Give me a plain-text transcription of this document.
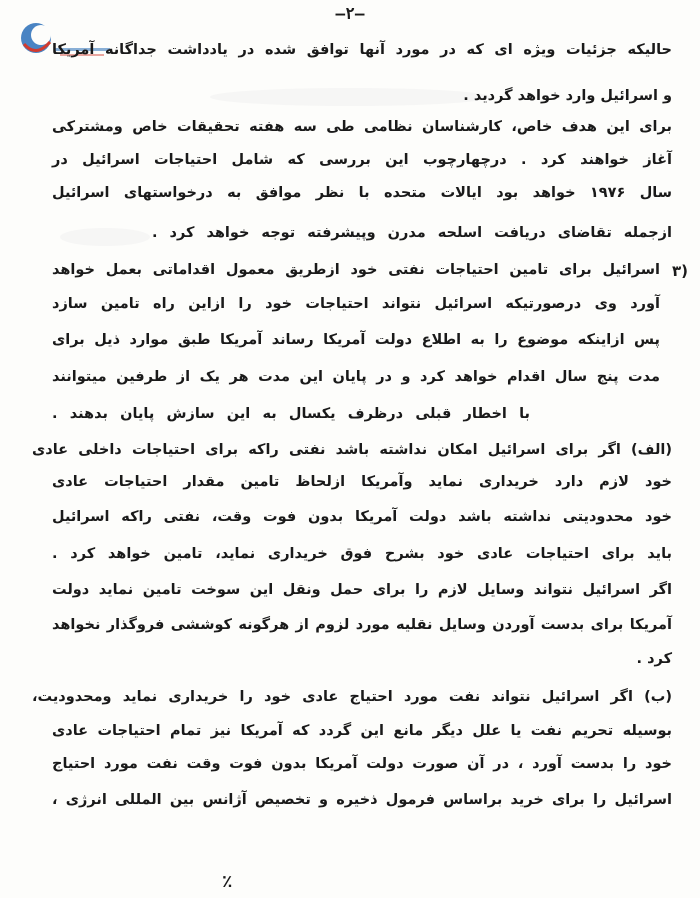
–۲–
حالیکه جزئیات ویژه ای که در مورد آنها توافق شده در یادداشت جداگانه آمریکا
و اسرائیل وارد خواهد گردید .
برای این هدف خاص، کارشناسان نظامی طی سه هفته تحقیقات خاص ومشترکی
آغاز خواهند کرد . درچهارچوب این بررسی که شامل احتیاجات اسرائیل در
سال ۱۹۷۶ خواهد بود ایالات متحده با نظر موافق به درخواستهای اسرائیل
ازجمله تقاضای دریافت اسلحه مدرن وپیشرفته توجه خواهد کرد .
۳)
اسرائیل برای تامین احتیاجات نفتی خود ازطریق معمول اقداماتی بعمل خواهد
آورد وی درصورتیکه اسرائیل نتواند احتیاجات خود را ازاین راه تامین سازد
پس ازاینکه موضوع را به اطلاع دولت آمریکا رساند آمریکا طبق موارد ذیل برای
مدت پنج سال اقدام خواهد کرد و در پایان این مدت هر یک از طرفین میتوانند
با اخطار قبلی درظرف یکسال به این سازش پایان بدهند .
(الف) اگر برای اسرائیل امکان نداشته باشد نفتی راکه برای احتیاجات داخلی عادی
خود لازم دارد خریداری نماید وآمریکا ازلحاظ تامین مقدار احتیاجات عادی
خود محدودیتی نداشته باشد دولت آمریکا بدون فوت وقت، نفتی راکه اسرائیل
باید برای احتیاجات عادی خود بشرح فوق خریداری نماید، تامین خواهد کرد .
اگر اسرائیل نتواند وسایل لازم را برای حمل ونقل این سوخت تامین نماید دولت
آمریکا برای بدست آوردن وسایل نقلیه مورد لزوم از هرگونه کوششی فروگذار نخواهد
کرد .
(ب) اگر اسرائیل نتواند نفت مورد احتیاج عادی خود را خریداری نماید ومحدودیت،
بوسیله تحریم نفت یا علل دیگر مانع این گردد که آمریکا نیز تمام احتیاجات عادی
خود را بدست آورد ، در آن صورت دولت آمریکا بدون فوت وقت نفت مورد احتیاج
اسرائیل را برای خرید براساس فرمول ذخیره و تخصیص آژانس بین المللی انرژی ،
٪
